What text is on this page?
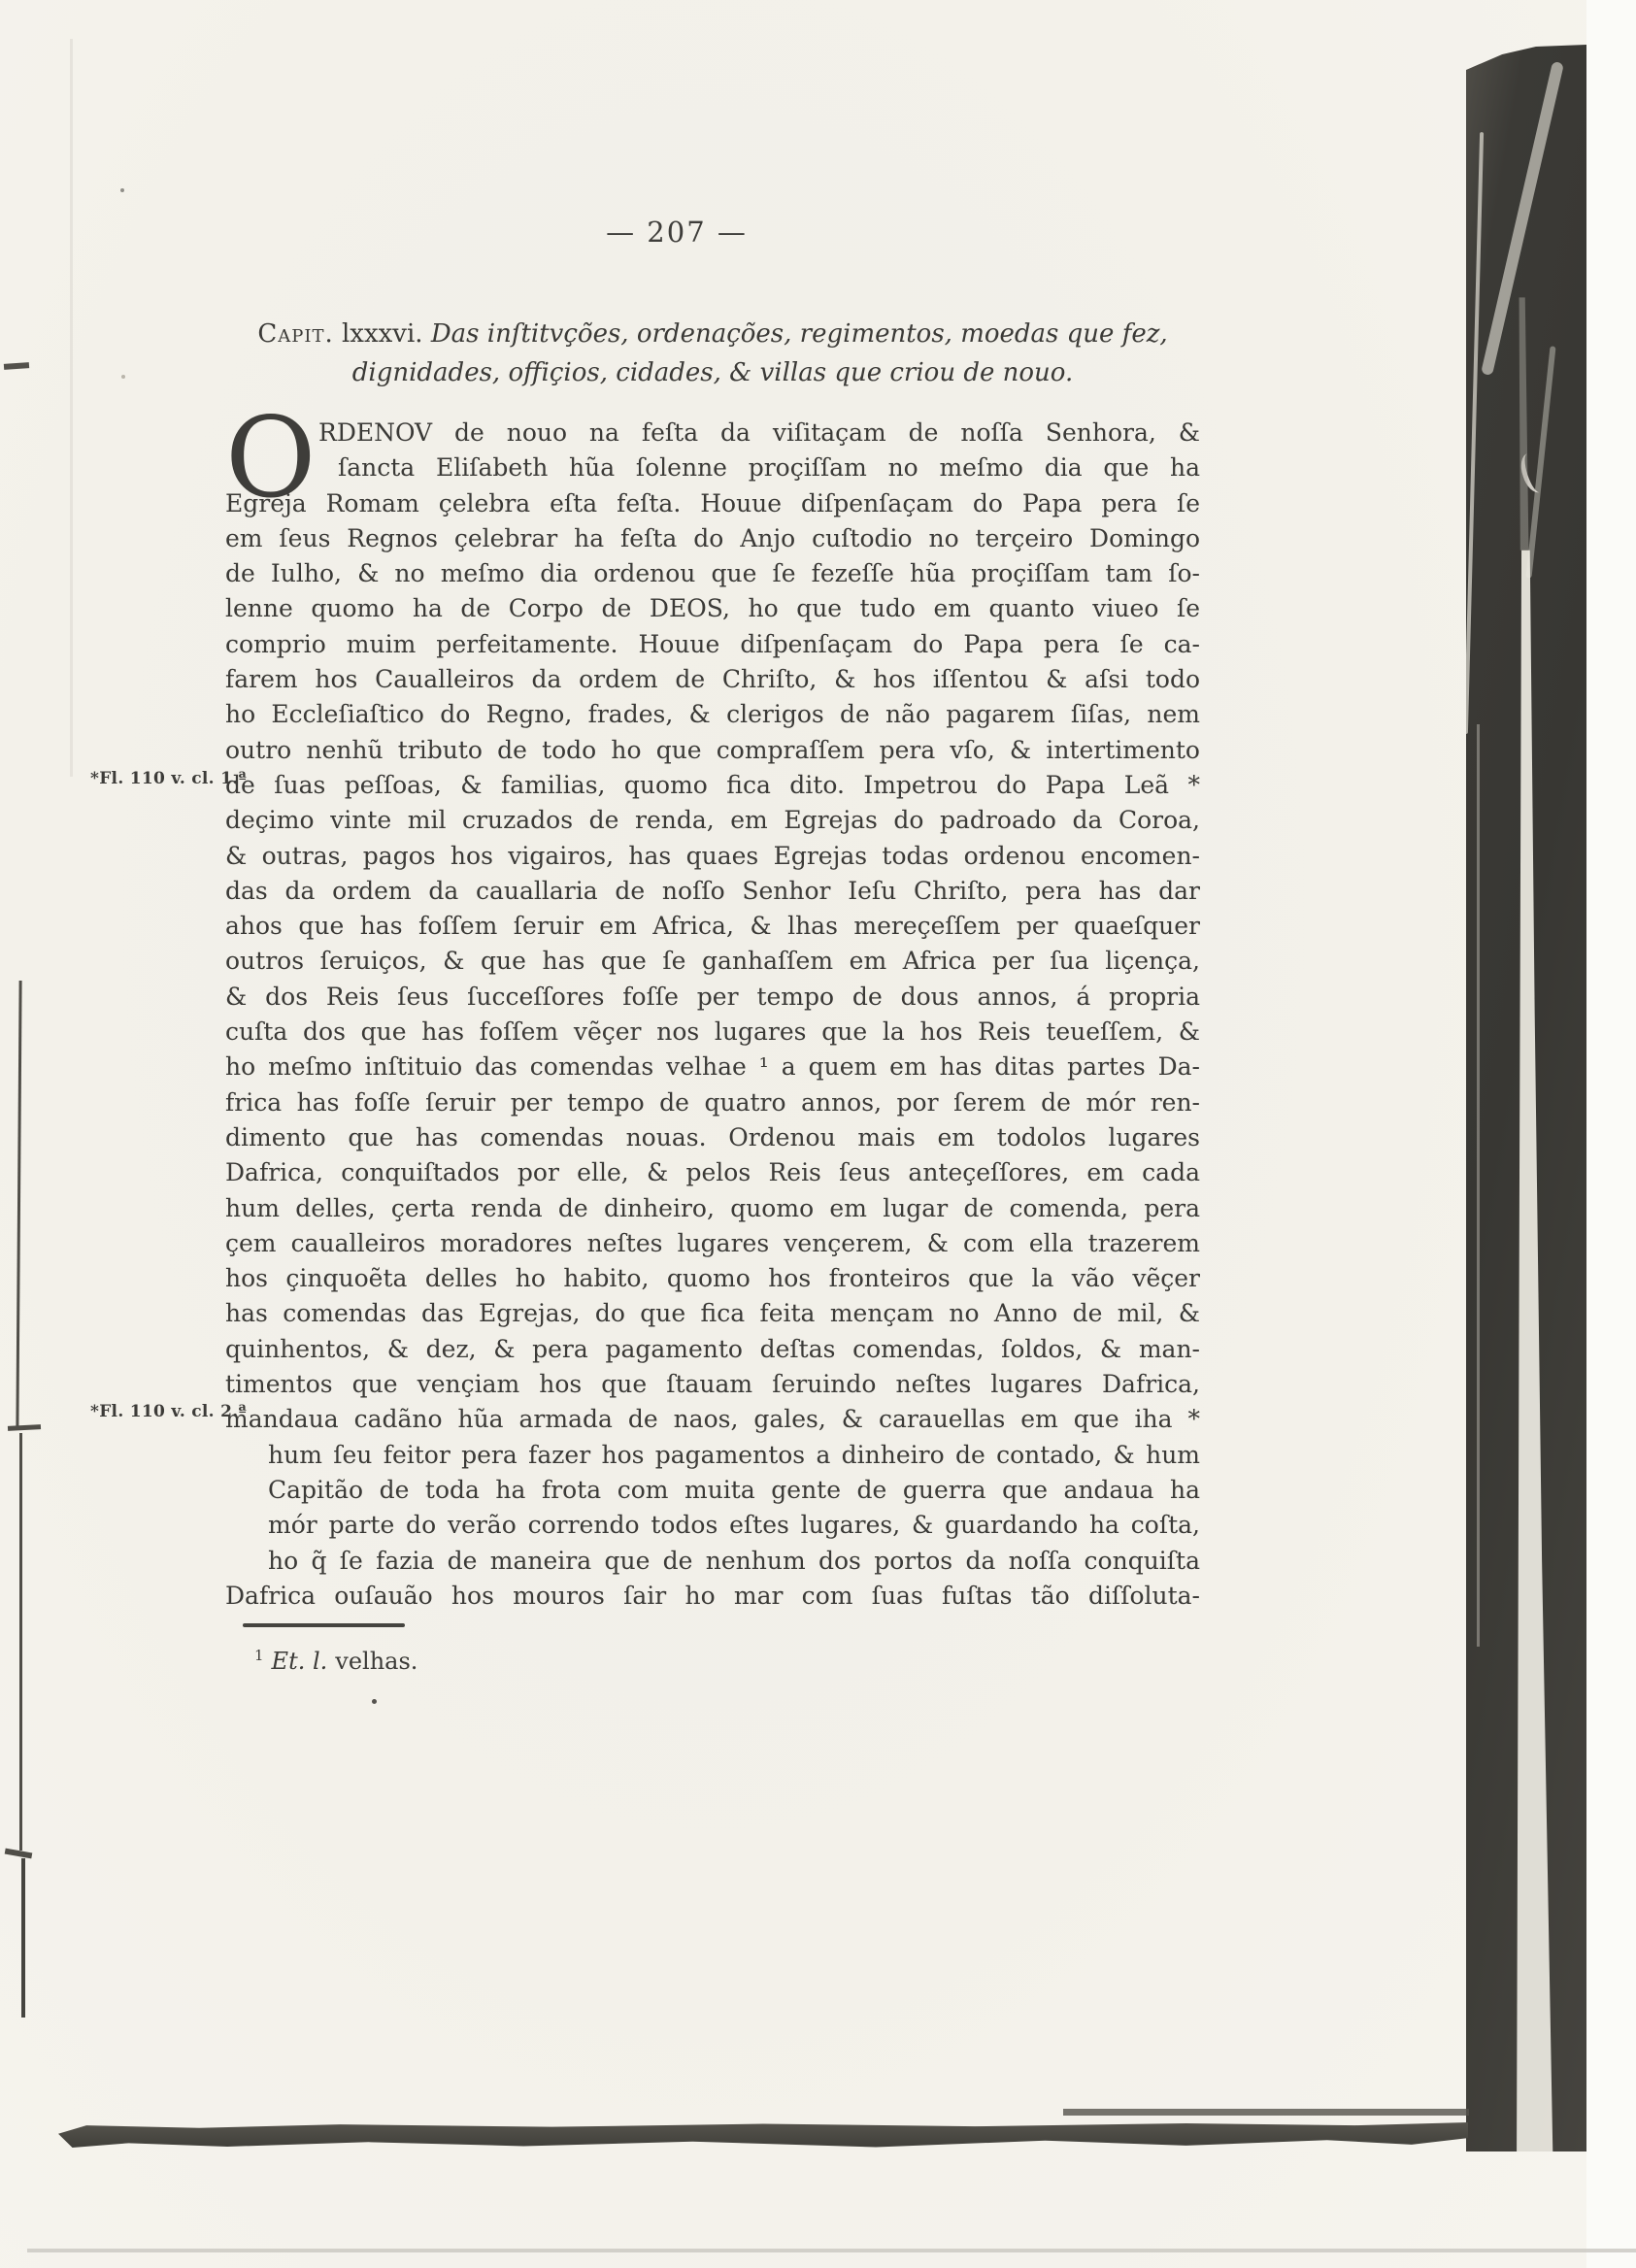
— 207 —
Capit. lxxxvi. Das inſtitvções, ordenações, regimentos, moedas que fez,
dignidades, offiçios, cidades, & villas que criou de nouo.
O RDENOV de nouo na feſta da viſitaçam de noſſa Senhora, &
ſancta Eliſabeth hũa ſolenne proçiſſam no meſmo dia que ha
Egreja Romam çelebra eſta feſta. Houue diſpenſaçam do Papa pera ſe
em ſeus Regnos çelebrar ha feſta do Anjo cuſtodio no terçeiro Domingo
de Iulho, & no meſmo dia ordenou que ſe fezeſſe hũa proçiſſam tam ſo-
lenne quomo ha de Corpo de DEOS, ho que tudo em quanto viueo ſe
comprio muim perfeitamente. Houue diſpenſaçam do Papa pera ſe ca-
farem hos Caualleiros da ordem de Chriſto, & hos iſſentou & aſsi todo
ho Eccleſiaſtico do Regno, frades, & clerigos de não pagarem ſiſas, nem
outro nenhũ tributo de todo ho que compraſſem pera vſo, & intertimento
de ſuas peſſoas, & familias, quomo fica dito. Impetrou do Papa Leã *
deçimo vinte mil cruzados de renda, em Egrejas do padroado da Coroa,
& outras, pagos hos vigairos, has quaes Egrejas todas ordenou encomen-
das da ordem da cauallaria de noſſo Senhor Ieſu Chriſto, pera has dar
ahos que has foſſem ſeruir em Africa, & lhas mereçeſſem per quaeſquer
outros ſeruiços, & que has que ſe ganhaſſem em Africa per ſua liçença,
& dos Reis ſeus ſucceſſores foſſe per tempo de dous annos, á propria
cuſta dos que has foſſem vẽçer nos lugares que la hos Reis teueſſem, &
ho meſmo inſtituio das comendas velhae ¹ a quem em has ditas partes Da-
frica has foſſe ſeruir per tempo de quatro annos, por ſerem de mór ren-
dimento que has comendas nouas. Ordenou mais em todolos lugares
Dafrica, conquiſtados por elle, & pelos Reis ſeus anteçeſſores, em cada
hum delles, çerta renda de dinheiro, quomo em lugar de comenda, pera
çem caualleiros moradores neſtes lugares vençerem, & com ella trazerem
hos çinquoẽta delles ho habito, quomo hos fronteiros que la vão vẽçer
has comendas das Egrejas, do que fica feita mençam no Anno de mil, &
quinhentos, & dez, & pera pagamento deſtas comendas, ſoldos, & man-
timentos que vençiam hos que ſtauam ſeruindo neſtes lugares Dafrica,
mandaua cadãno hũa armada de naos, gales, & carauellas em que iha *
hum ſeu feitor pera fazer hos pagamentos a dinheiro de contado, & hum
Capitão de toda ha frota com muita gente de guerra que andaua ha
mór parte do verão correndo todos eſtes lugares, & guardando ha coſta,
ho q̃ ſe fazia de maneira que de nenhum dos portos da noſſa conquiſta
Dafrica ouſauão hos mouros ſair ho mar com ſuas fuſtas tão diſſoluta-
*Fl. 110 v. cl. 1.ª
*Fl. 110 v. cl. 2.ª
$^1$ Et. l. velhas.
